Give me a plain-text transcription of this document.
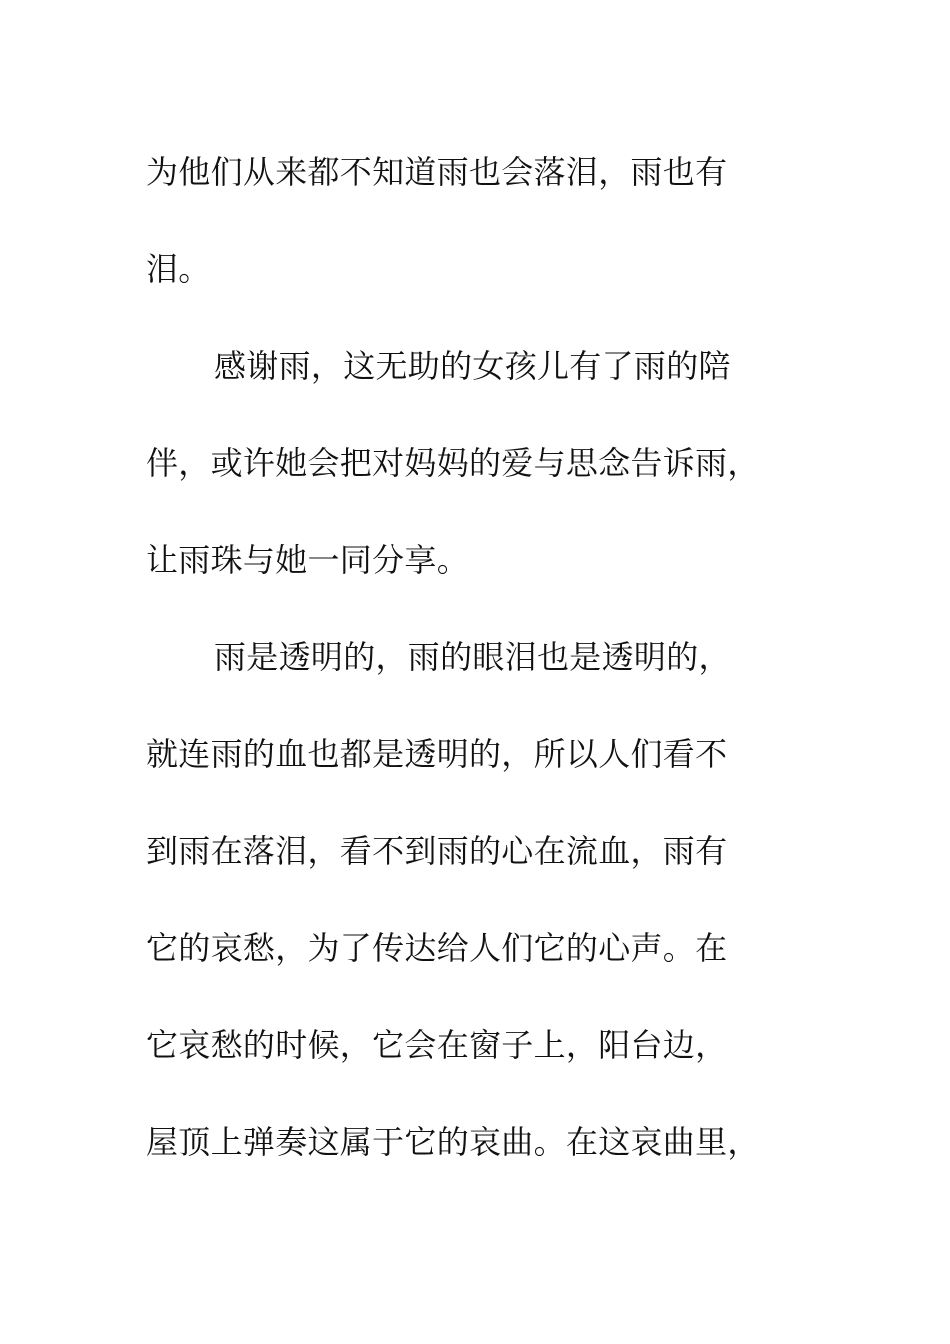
为他们从来都不知道雨也会落泪，雨也有
泪。
感谢雨，这无助的女孩儿有了雨的陪
伴，或许她会把对妈妈的爱与思念告诉雨，
让雨珠与她一同分享。
雨是透明的，雨的眼泪也是透明的，
就连雨的血也都是透明的，所以人们看不
到雨在落泪，看不到雨的心在流血，雨有
它的哀愁，为了传达给人们它的心声。在
它哀愁的时候，它会在窗子上，阳台边，
屋顶上弹奏这属于它的哀曲。在这哀曲里，
